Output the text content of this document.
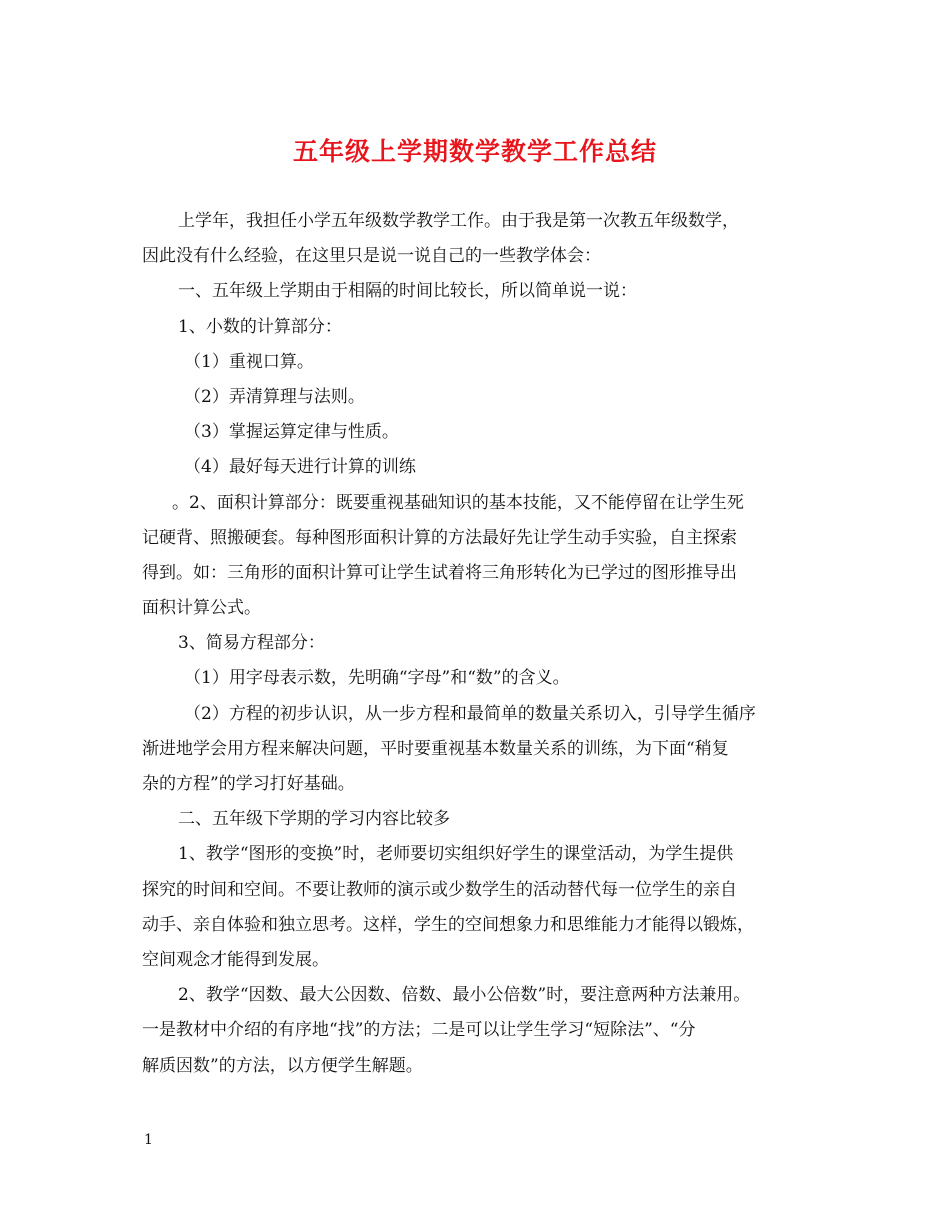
五年级上学期数学教学工作总结
上学年，我担任小学五年级数学教学工作。由于我是第一次教五年级数学，
因此没有什么经验，在这里只是说一说自己的一些教学体会：
一、五年级上学期由于相隔的时间比较长，所以简单说一说：
1、小数的计算部分：
（1）重视口算。
（2）弄清算理与法则。
（3）掌握运算定律与性质。
（4）最好每天进行计算的训练
。2、面积计算部分：既要重视基础知识的基本技能，又不能停留在让学生死
记硬背、照搬硬套。每种图形面积计算的方法最好先让学生动手实验，自主探索
得到。如：三角形的面积计算可让学生试着将三角形转化为已学过的图形推导出
面积计算公式。
3、简易方程部分：
（1）用字母表示数，先明确“字母”和“数”的含义。
（2）方程的初步认识，从一步方程和最简单的数量关系切入，引导学生循序
渐进地学会用方程来解决问题，平时要重视基本数量关系的训练，为下面“稍复
杂的方程”的学习打好基础。
二、五年级下学期的学习内容比较多
1、教学“图形的变换”时，老师要切实组织好学生的课堂活动，为学生提供
探究的时间和空间。不要让教师的演示或少数学生的活动替代每一位学生的亲自
动手、亲自体验和独立思考。这样，学生的空间想象力和思维能力才能得以锻炼，
空间观念才能得到发展。
2、教学“因数、最大公因数、倍数、最小公倍数”时，要注意两种方法兼用。
一是教材中介绍的有序地“找”的方法；二是可以让学生学习“短除法”、“分
解质因数”的方法，以方便学生解题。
1
